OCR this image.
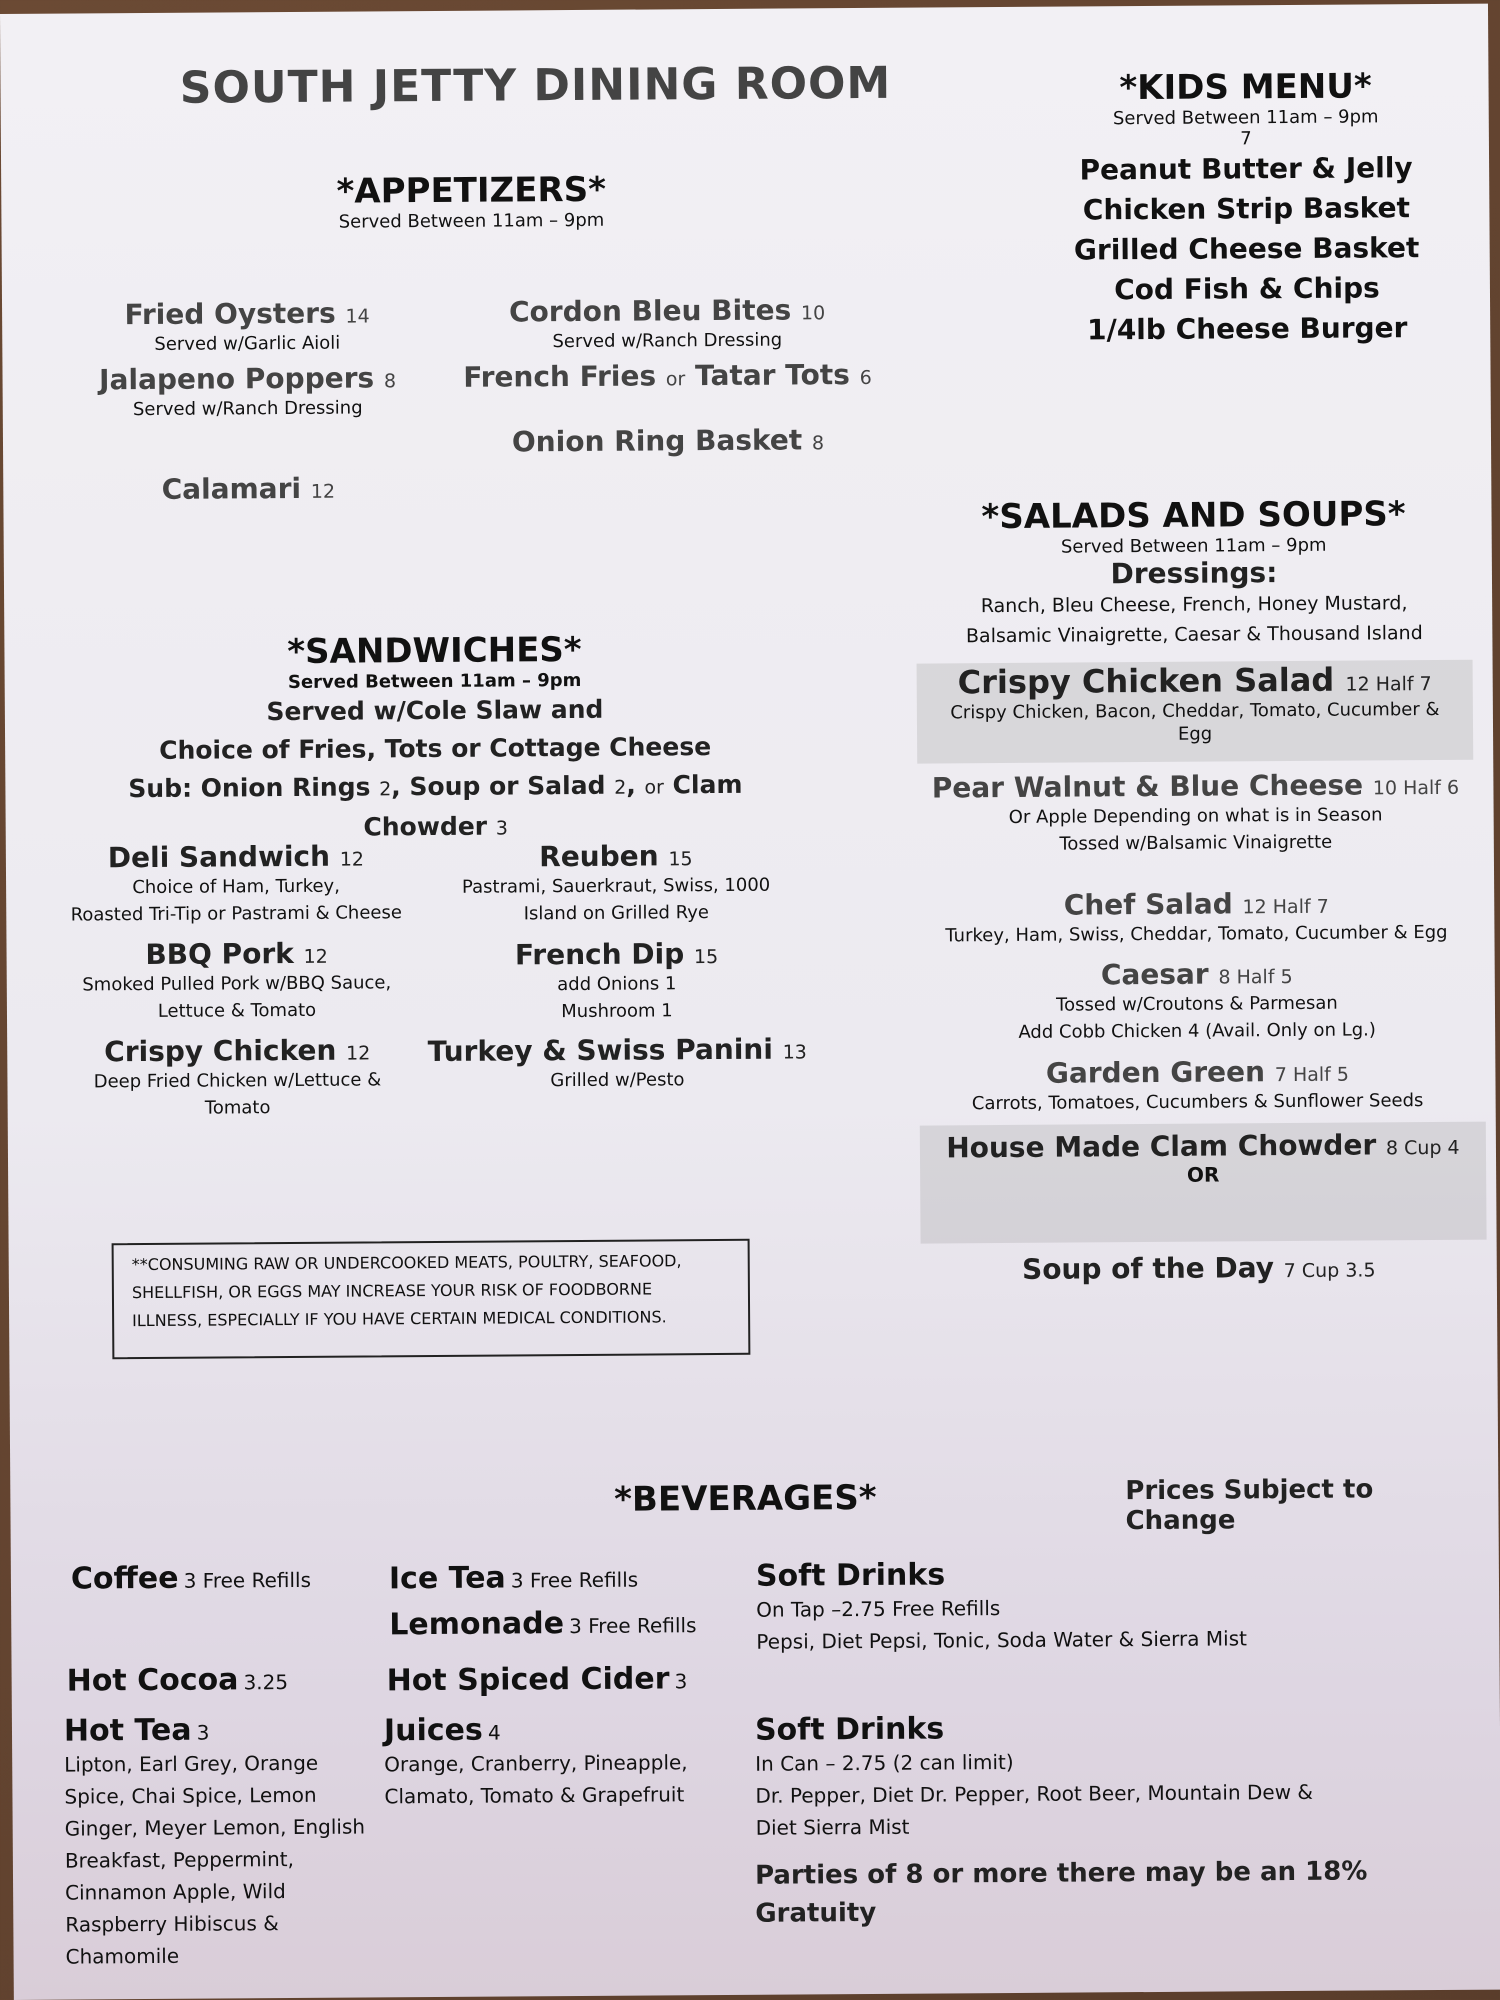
SOUTH JETTY DINING ROOM
*APPETIZERS*
Served Between 11am – 9pm
Fried Oysters 14
Served w/Garlic Aioli
Jalapeno Poppers 8
Served w/Ranch Dressing
Calamari 12
Cordon Bleu Bites 10
Served w/Ranch Dressing
French Fries or Tatar Tots 6
Onion Ring Basket 8
*KIDS MENU*
Served Between 11am – 9pm
7
Peanut Butter & Jelly
Chicken Strip Basket
Grilled Cheese Basket
Cod Fish & Chips
1/4lb Cheese Burger
*SANDWICHES*
Served Between 11am – 9pm
Served w/Cole Slaw and
Choice of Fries, Tots or Cottage Cheese
Sub: Onion Rings 2, Soup or Salad 2, or Clam Chowder 3
Deli Sandwich 12
Choice of Ham, Turkey,
Roasted Tri-Tip or Pastrami & Cheese
BBQ Pork 12
Smoked Pulled Pork w/BBQ Sauce,
Lettuce & Tomato
Crispy Chicken 12
Deep Fried Chicken w/Lettuce &
Tomato
Reuben 15
Pastrami, Sauerkraut, Swiss, 1000
Island on Grilled Rye
French Dip 15
add Onions 1
Mushroom 1
Turkey & Swiss Panini 13
Grilled w/Pesto
**CONSUMING RAW OR UNDERCOOKED MEATS, POULTRY, SEAFOOD,
SHELLFISH, OR EGGS MAY INCREASE YOUR RISK OF FOODBORNE
ILLNESS, ESPECIALLY IF YOU HAVE CERTAIN MEDICAL CONDITIONS.
*SALADS AND SOUPS*
Served Between 11am – 9pm
Dressings:
Ranch, Bleu Cheese, French, Honey Mustard,
Balsamic Vinaigrette, Caesar & Thousand Island
Crispy Chicken Salad 12 Half 7
Crispy Chicken, Bacon, Cheddar, Tomato, Cucumber &
Egg
Pear Walnut & Blue Cheese 10 Half 6
Or Apple Depending on what is in Season
Tossed w/Balsamic Vinaigrette
Chef Salad 12 Half 7
Turkey, Ham, Swiss, Cheddar, Tomato, Cucumber & Egg
Caesar 8 Half 5
Tossed w/Croutons & Parmesan
Add Cobb Chicken 4 (Avail. Only on Lg.)
Garden Green 7 Half 5
Carrots, Tomatoes, Cucumbers & Sunflower Seeds
House Made Clam Chowder 8 Cup 4
OR
Soup of the Day 7 Cup 3.5
*BEVERAGES*	Prices Subject to Change
Coffee 3 Free Refills	Ice Tea 3 Free Refills
Lemonade 3 Free Refills
Hot Cocoa 3.25
Hot Tea 3
Lipton, Earl Grey, Orange
Spice, Chai Spice, Lemon
Ginger, Meyer Lemon, English
Breakfast, Peppermint,
Cinnamon Apple, Wild
Raspberry Hibiscus &
Chamomile
Hot Spiced Cider 3
Juices 4
Orange, Cranberry, Pineapple,
Clamato, Tomato & Grapefruit
Soft Drinks
On Tap –2.75 Free Refills
Pepsi, Diet Pepsi, Tonic, Soda Water & Sierra Mist
Soft Drinks
In Can – 2.75 (2 can limit)
Dr. Pepper, Diet Dr. Pepper, Root Beer, Mountain Dew &
Diet Sierra Mist
Parties of 8 or more there may be an 18%
Gratuity
